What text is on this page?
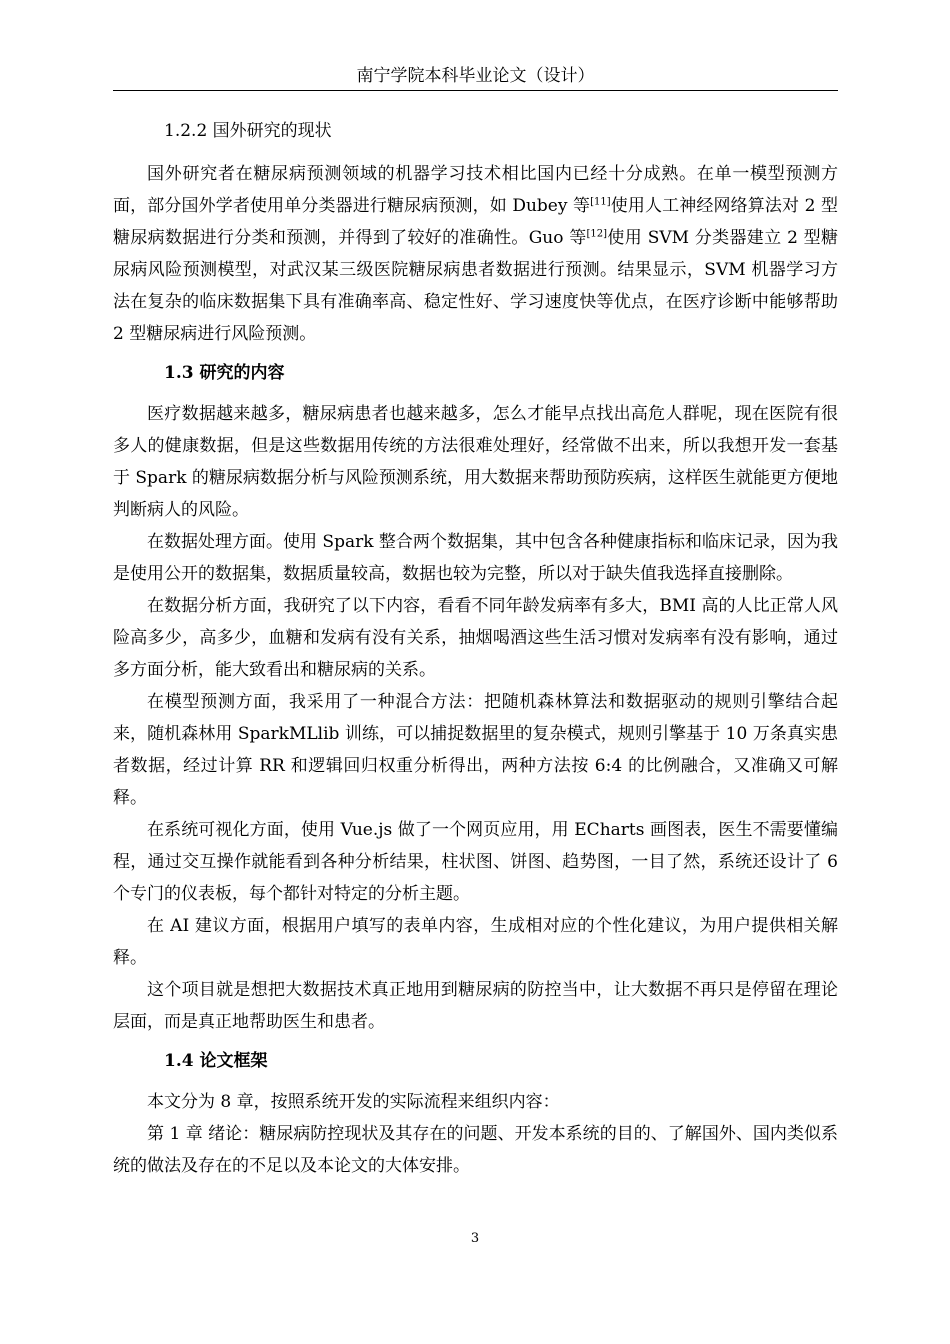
南宁学院本科毕业论文（设计）
1.2.2 国外研究的现状

国外研究者在糖尿病预测领域的机器学习技术相比国内已经十分成熟。在单一模型预测方面，部分国外学者使用单分类器进行糖尿病预测，如 Dubey 等[11]使用人工神经网络算法对 2 型糖尿病数据进行分类和预测，并得到了较好的准确性。Guo 等[12]使用 SVM 分类器建立 2 型糖尿病风险预测模型，对武汉某三级医院糖尿病患者数据进行预测。结果显示，SVM 机器学习方法在复杂的临床数据集下具有准确率高、稳定性好、学习速度快等优点，在医疗诊断中能够帮助 2 型糖尿病进行风险预测。

1.3 研究的内容

医疗数据越来越多，糖尿病患者也越来越多，怎么才能早点找出高危人群呢，现在医院有很多人的健康数据，但是这些数据用传统的方法很难处理好，经常做不出来，所以我想开发一套基于 Spark 的糖尿病数据分析与风险预测系统，用大数据来帮助预防疾病，这样医生就能更方便地判断病人的风险。

在数据处理方面。使用 Spark 整合两个数据集，其中包含各种健康指标和临床记录，因为我是使用公开的数据集，数据质量较高，数据也较为完整，所以对于缺失值我选择直接删除。

在数据分析方面，我研究了以下内容，看看不同年龄发病率有多大，BMI 高的人比正常人风险高多少，高多少，血糖和发病有没有关系，抽烟喝酒这些生活习惯对发病率有没有影响，通过多方面分析，能大致看出和糖尿病的关系。

在模型预测方面，我采用了一种混合方法：把随机森林算法和数据驱动的规则引擎结合起来，随机森林用 SparkMLlib 训练，可以捕捉数据里的复杂模式，规则引擎基于 10 万条真实患者数据，经过计算 RR 和逻辑回归权重分析得出，两种方法按 6:4 的比例融合，又准确又可解释。

在系统可视化方面，使用 Vue.js 做了一个网页应用，用 ECharts 画图表，医生不需要懂编程，通过交互操作就能看到各种分析结果，柱状图、饼图、趋势图，一目了然，系统还设计了 6 个专门的仪表板，每个都针对特定的分析主题。

在 AI 建议方面，根据用户填写的表单内容，生成相对应的个性化建议，为用户提供相关解释。

这个项目就是想把大数据技术真正地用到糖尿病的防控当中，让大数据不再只是停留在理论层面，而是真正地帮助医生和患者。

1.4 论文框架

本文分为 8 章，按照系统开发的实际流程来组织内容：

第 1 章 绪论：糖尿病防控现状及其存在的问题、开发本系统的目的、了解国外、国内类似系统的做法及存在的不足以及本论文的大体安排。

3
